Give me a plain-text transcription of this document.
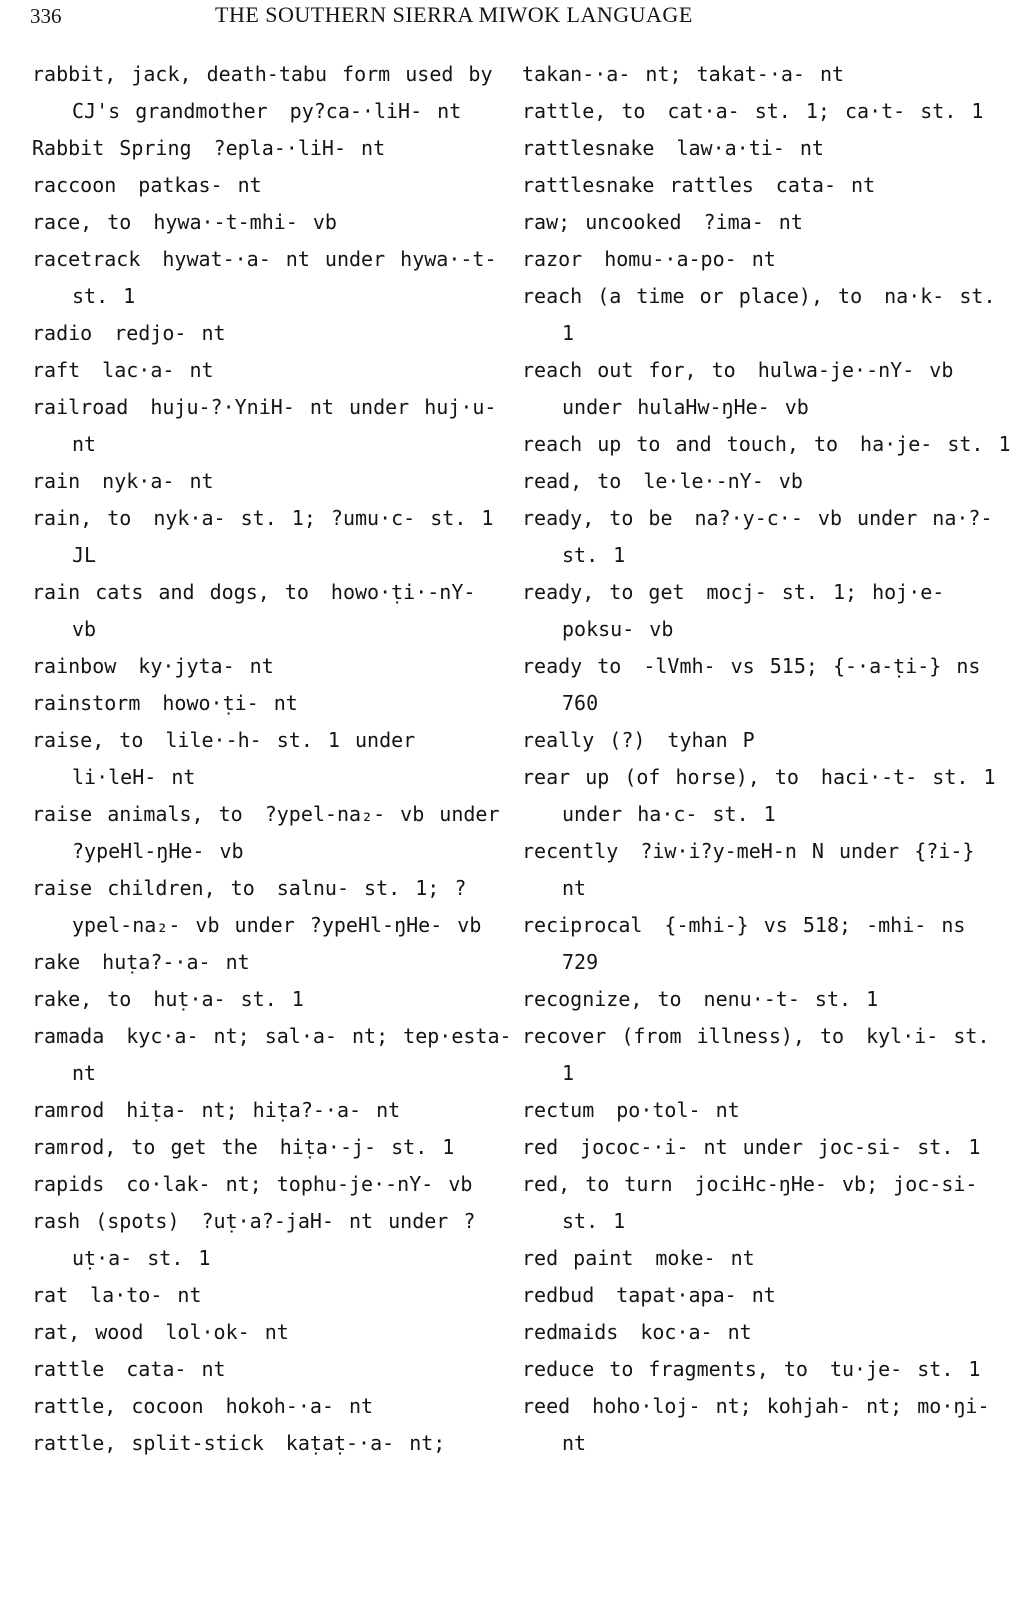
336	THE SOUTHERN SIERRA MIWOK LANGUAGE
rabbit, jack, death-tabu form used by CJ's grandmother py?ca-·liH- nt
Rabbit Spring ?epla-·liH- nt
raccoon patkas- nt
race, to hywa·-t-mhi- vb
racetrack hywat-·a- nt under hywa·-t- st. 1
radio redjo- nt
raft lac·a- nt
railroad huju-?·YniH- nt under huj·u- nt
rain nyk·a- nt
rain, to nyk·a- st. 1; ?umu·c- st. 1 JL
rain cats and dogs, to howo·ṭi·-nY- vb
rainbow ky·jyta- nt
rainstorm howo·ṭi- nt
raise, to lile·-h- st. 1 under li·leH- nt
raise animals, to ?ypel-na₂- vb under ?ypeHl-ŋHe- vb
raise children, to salnu- st. 1; ?ypel-na₂- vb under ?ypeHl-ŋHe- vb
rake huṭa?-·a- nt
rake, to huṭ·a- st. 1
ramada kyc·a- nt; sal·a- nt; tep·esta- nt
ramrod hiṭa- nt; hiṭa?-·a- nt
ramrod, to get the hiṭa·-j- st. 1
rapids co·lak- nt; tophu-je·-nY- vb
rash (spots) ?uṭ·a?-jaH- nt under ?uṭ·a- st. 1
rat la·to- nt
rat, wood lol·ok- nt
rattle cata- nt
rattle, cocoon hokoh-·a- nt
rattle, split-stick kaṭaṭ-·a- nt;
takan-·a- nt; takat-·a- nt
rattle, to cat·a- st. 1; ca·t- st. 1
rattlesnake law·a·ti- nt
rattlesnake rattles cata- nt
raw; uncooked ?ima- nt
razor homu-·a-po- nt
reach (a time or place), to na·k- st. 1
reach out for, to hulwa-je·-nY- vb under hulaHw-ŋHe- vb
reach up to and touch, to ha·je- st. 1
read, to le·le·-nY- vb
ready, to be na?·y-c·- vb under na·?- st. 1
ready, to get mocj- st. 1; hoj·e-poksu- vb
ready to -lVmh- vs 515; {-·a-ṭi-} ns 760
really (?) tyhan P
rear up (of horse), to haci·-t- st. 1 under ha·c- st. 1
recently ?iw·i?y-meH-n N under {?i-} nt
reciprocal {-mhi-} vs 518; -mhi- ns 729
recognize, to nenu·-t- st. 1
recover (from illness), to kyl·i- st. 1
rectum po·tol- nt
red jococ-·i- nt under joc-si- st. 1
red, to turn jociHc-ŋHe- vb; joc-si- st. 1
red paint moke- nt
redbud tapat·apa- nt
redmaids koc·a- nt
reduce to fragments, to tu·je- st. 1
reed hoho·loj- nt; kohjah- nt; mo·ŋi- nt
